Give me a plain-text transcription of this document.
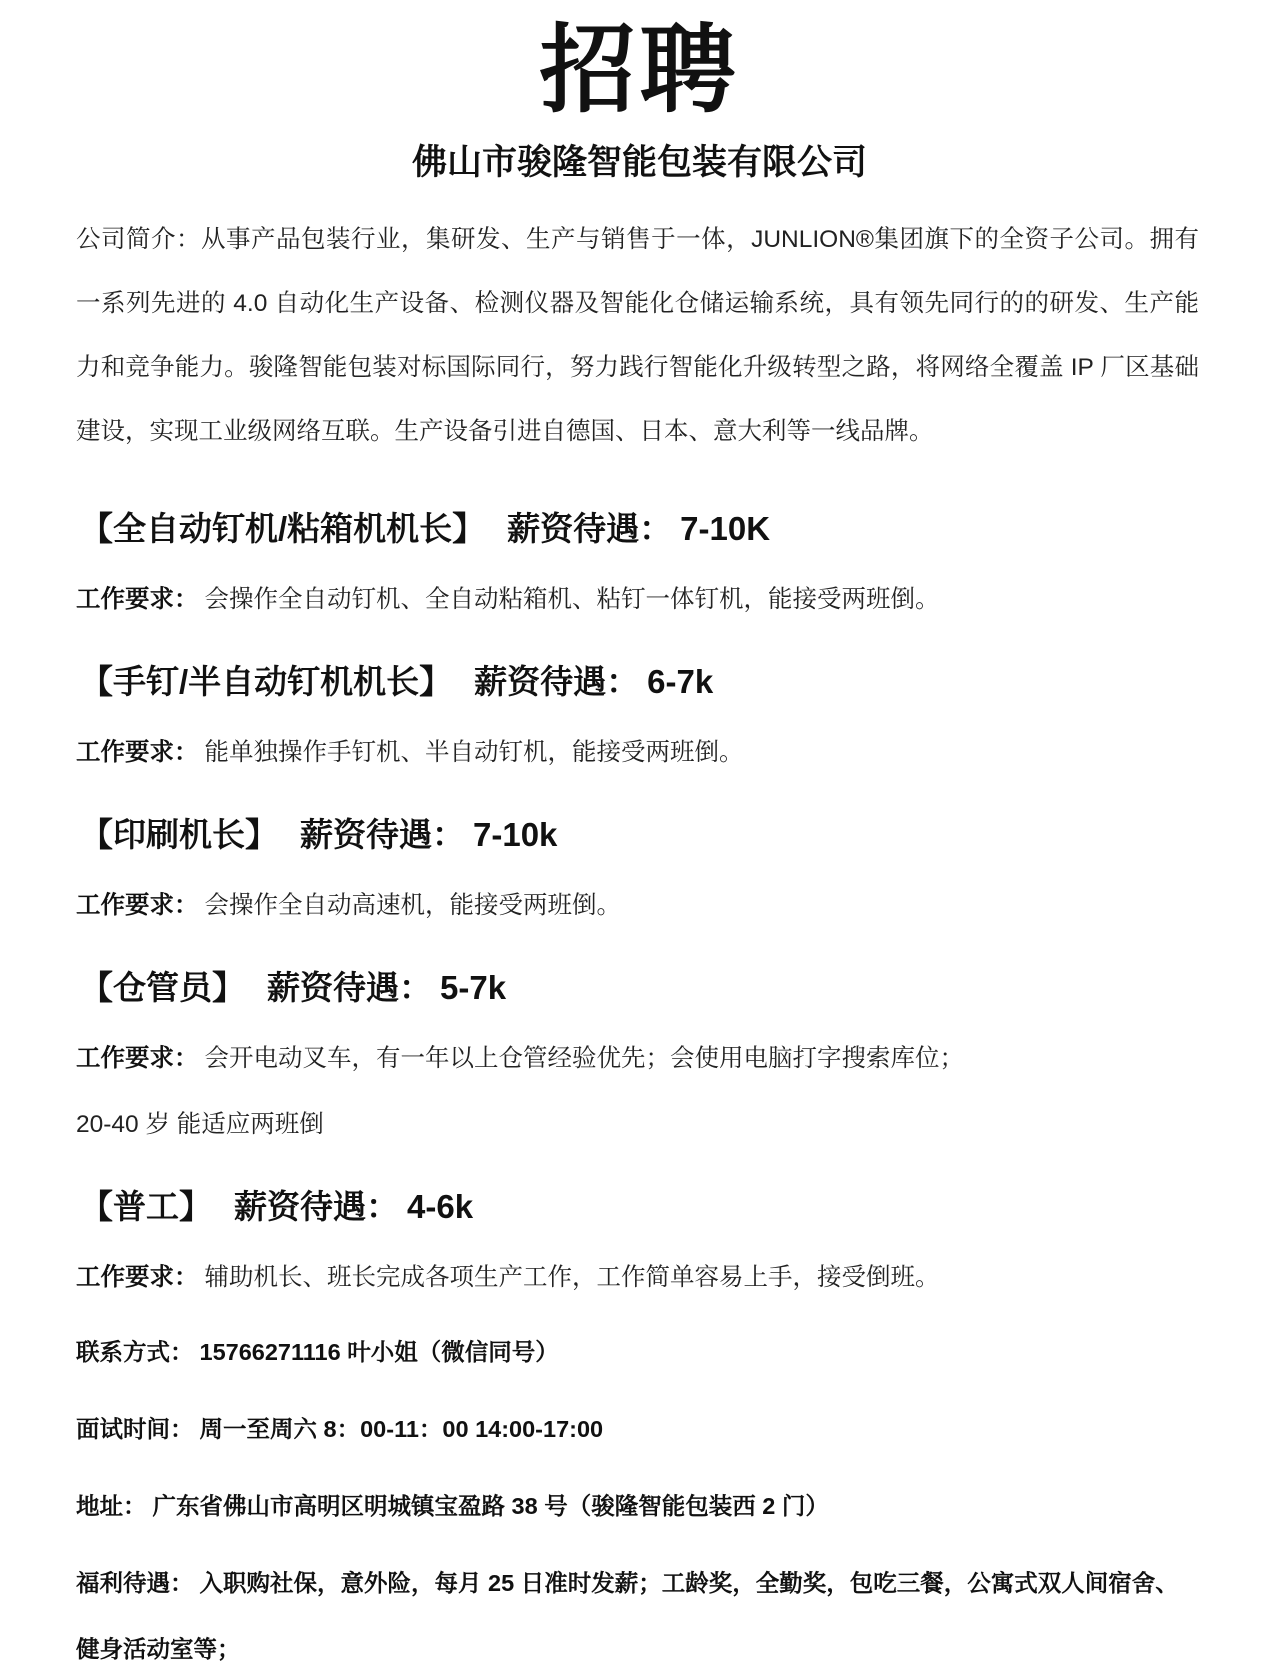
招聘
佛山市骏隆智能包装有限公司

公司简介：从事产品包装行业，集研发、生产与销售于一体，JUNLION®集团旗下的全资子公司。拥有一系列先进的 4.0 自动化生产设备、检测仪器及智能化仓储运输系统，具有领先同行的的研发、生产能力和竞争能力。骏隆智能包装对标国际同行，努力践行智能化升级转型之路，将网络全覆盖 IP 厂区基础建设，实现工业级网络互联。生产设备引进自德国、日本、意大利等一线品牌。

【全自动钉机/粘箱机机长】 薪资待遇： 7-10K

工作要求： 会操作全自动钉机、全自动粘箱机、粘钉一体钉机，能接受两班倒。

【手钉/半自动钉机机长】 薪资待遇： 6-7k

工作要求： 能单独操作手钉机、半自动钉机，能接受两班倒。

【印刷机长】 薪资待遇： 7-10k

工作要求： 会操作全自动高速机，能接受两班倒。

【仓管员】 薪资待遇： 5-7k

工作要求： 会开电动叉车，有一年以上仓管经验优先；会使用电脑打字搜索库位；

20-40 岁 能适应两班倒

【普工】 薪资待遇： 4-6k

工作要求： 辅助机长、班长完成各项生产工作，工作简单容易上手，接受倒班。

联系方式： 15766271116 叶小姐（微信同号）

面试时间： 周一至周六 8：00-11：00 14:00-17:00

地址： 广东省佛山市高明区明城镇宝盈路 38 号（骏隆智能包装西 2 门）

福利待遇： 入职购社保，意外险，每月 25 日准时发薪；工龄奖，全勤奖，包吃三餐，公寓式双人间宿舍、健身活动室等；
